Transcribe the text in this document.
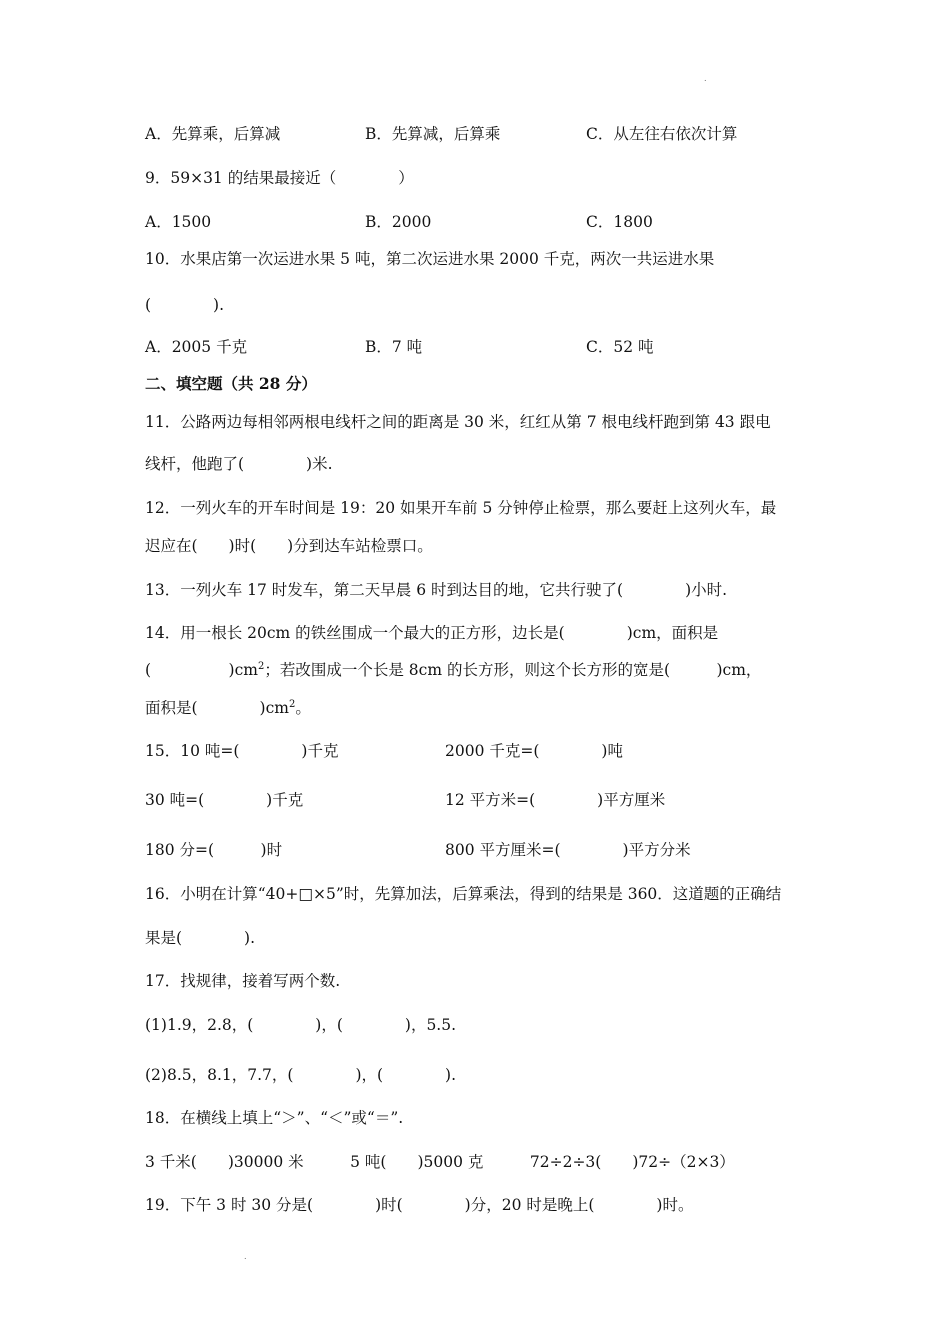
.
A．先算乘，后算减	B．先算减，后算乘	C．从左往右依次计算

9．59×31 的结果最接近（　　　　）

A．1500	B．2000	C．1800

10．水果店第一次运进水果 5 吨，第二次运进水果 2000 千克，两次一共运进水果

(　　　　).

A．2005 千克	B．7 吨	C．52 吨

二、填空题（共 28 分）

11．公路两边每相邻两根电线杆之间的距离是 30 米，红红从第 7 根电线杆跑到第 43 跟电

线杆，他跑了(　　　　)米.

12．一列火车的开车时间是 19：20 如果开车前 5 分钟停止检票，那么要赶上这列火车，最

迟应在(　　)时(　　)分到达车站检票口。

13．一列火车 17 时发车，第二天早晨 6 时到达目的地，它共行驶了(　　　　)小时.

14．用一根长 20cm 的铁丝围成一个最大的正方形，边长是(　　　　)cm，面积是

(　　　　　)$cm^2$；若改围成一个长是 8cm 的长方形，则这个长方形的宽是(　　　)cm，

面积是(　　　　)$cm^2$。

15．10 吨=(　　　　)千克	2000 千克=(　　　　)吨
30 吨=(　　　　)千克	12 平方米=(　　　　)平方厘米
180 分=(　　　)时	800 平方厘米=(　　　　)平方分米

16．小明在计算“40+□×5”时，先算加法，后算乘法，得到的结果是 360．这道题的正确结

果是(　　　　).

17．找规律，接着写两个数.

(1)1.9，2.8，(　　　　)，(　　　　)，5.5.

(2)8.5，8.1，7.7，(　　　　)，(　　　　).

18．在横线上填上“＞”、“＜”或“＝”.

3 千米(　　)30000 米　　　5 吨(　　)5000 克　　　72÷2÷3(　　)72÷（2×3）

19．下午 3 时 30 分是(　　　　)时(　　　　)分，20 时是晚上(　　　　)时。

.
